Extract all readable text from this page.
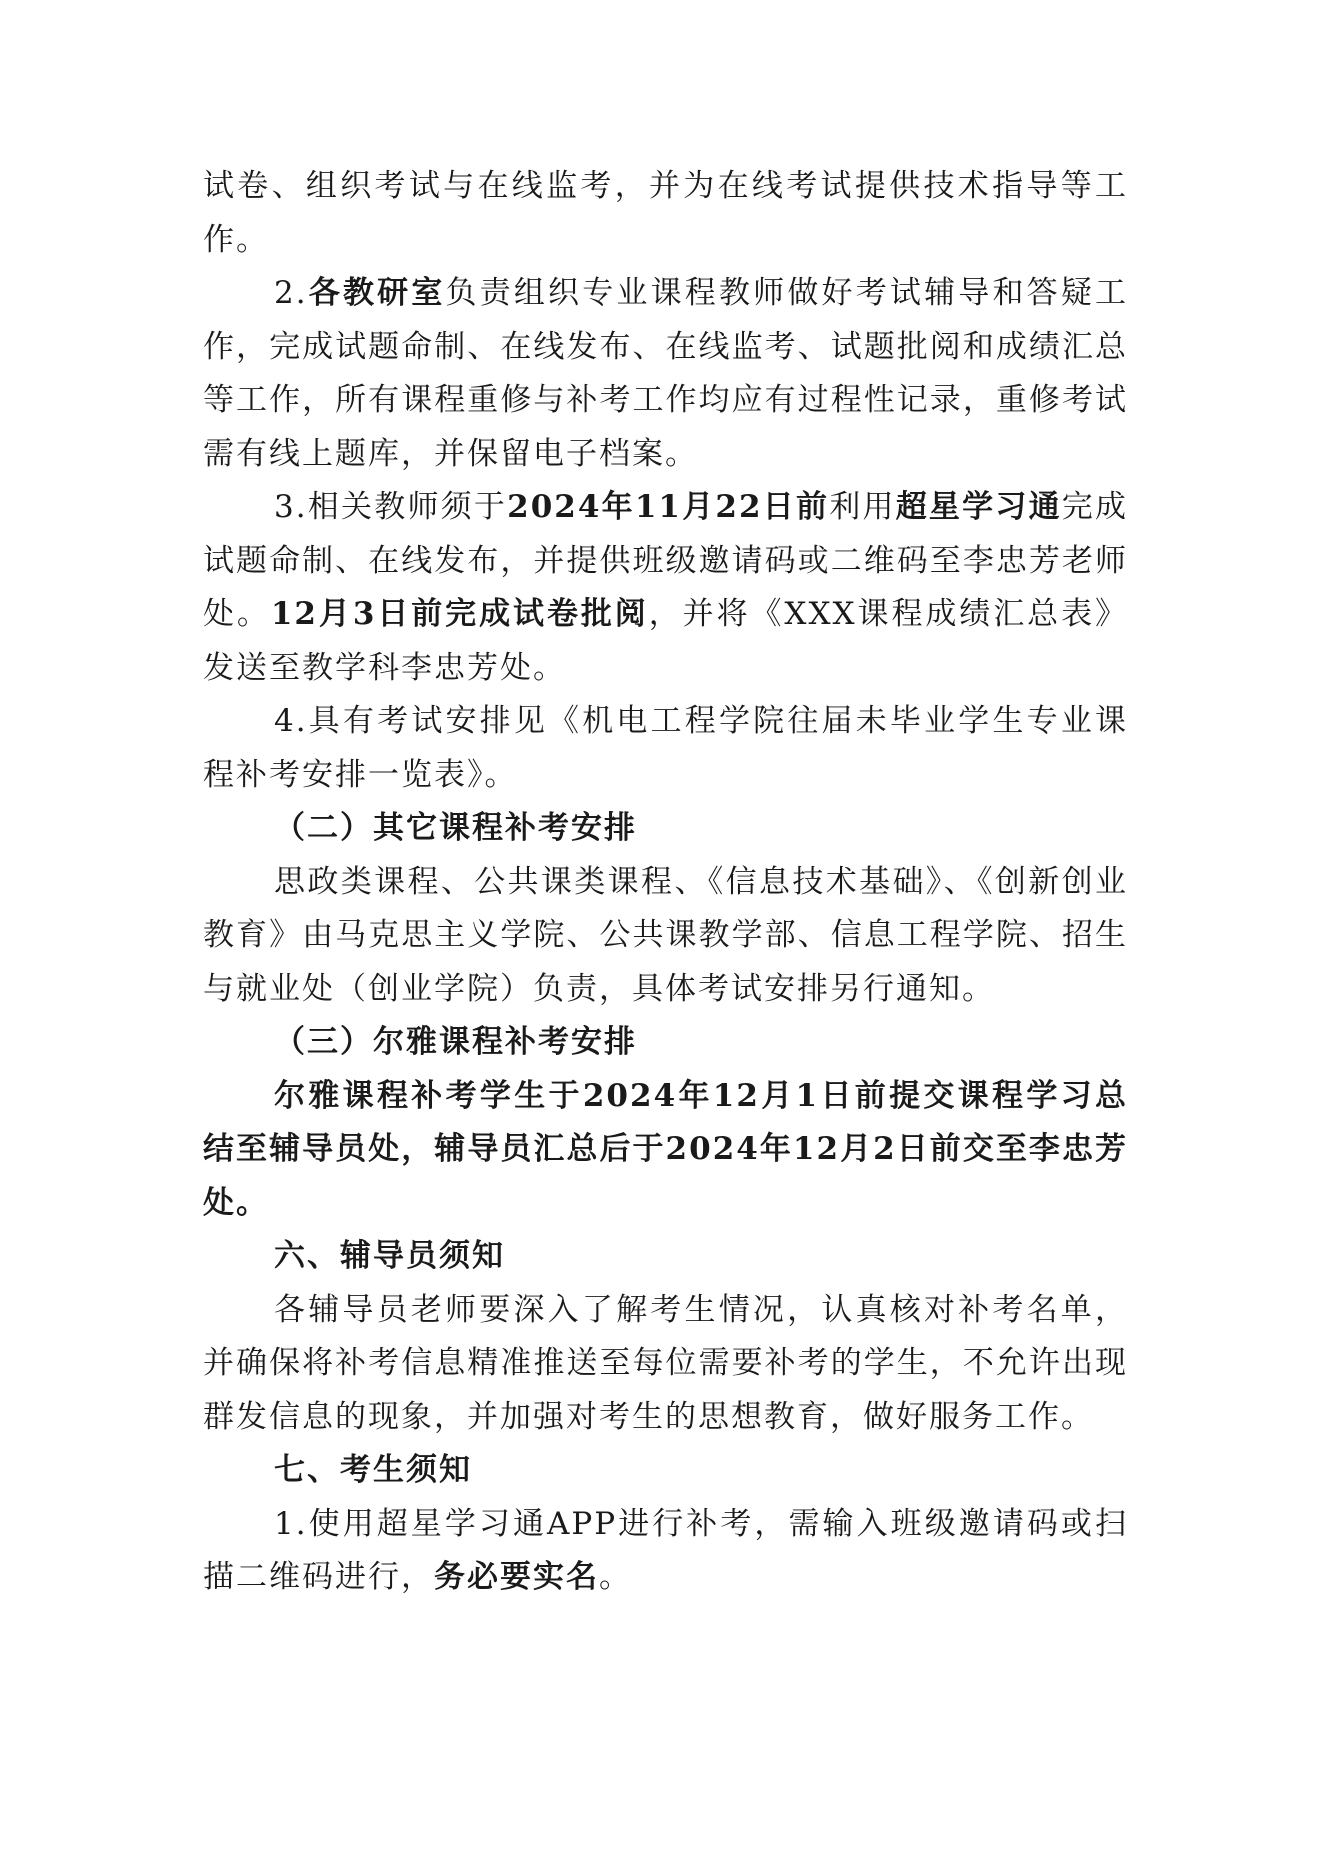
试卷、组织考试与在线监考，并为在线考试提供技术指导等工作。

2.各教研室负责组织专业课程教师做好考试辅导和答疑工作，完成试题命制、在线发布、在线监考、试题批阅和成绩汇总等工作，所有课程重修与补考工作均应有过程性记录，重修考试需有线上题库，并保留电子档案。

3.相关教师须于2024年11月22日前利用超星学习通完成试题命制、在线发布，并提供班级邀请码或二维码至李忠芳老师处。12月3日前完成试卷批阅，并将《XXX课程成绩汇总表》发送至教学科李忠芳处。

4.具有考试安排见《机电工程学院往届未毕业学生专业课程补考安排一览表》。

（二）其它课程补考安排

思政类课程、公共课类课程、《信息技术基础》、《创新创业教育》由马克思主义学院、公共课教学部、信息工程学院、招生与就业处（创业学院）负责，具体考试安排另行通知。

（三）尔雅课程补考安排

尔雅课程补考学生于2024年12月1日前提交课程学习总结至辅导员处，辅导员汇总后于2024年12月2日前交至李忠芳处。

六、辅导员须知

各辅导员老师要深入了解考生情况，认真核对补考名单，并确保将补考信息精准推送至每位需要补考的学生，不允许出现群发信息的现象，并加强对考生的思想教育，做好服务工作。

七、考生须知

1.使用超星学习通APP进行补考，需输入班级邀请码或扫描二维码进行，务必要实名。
